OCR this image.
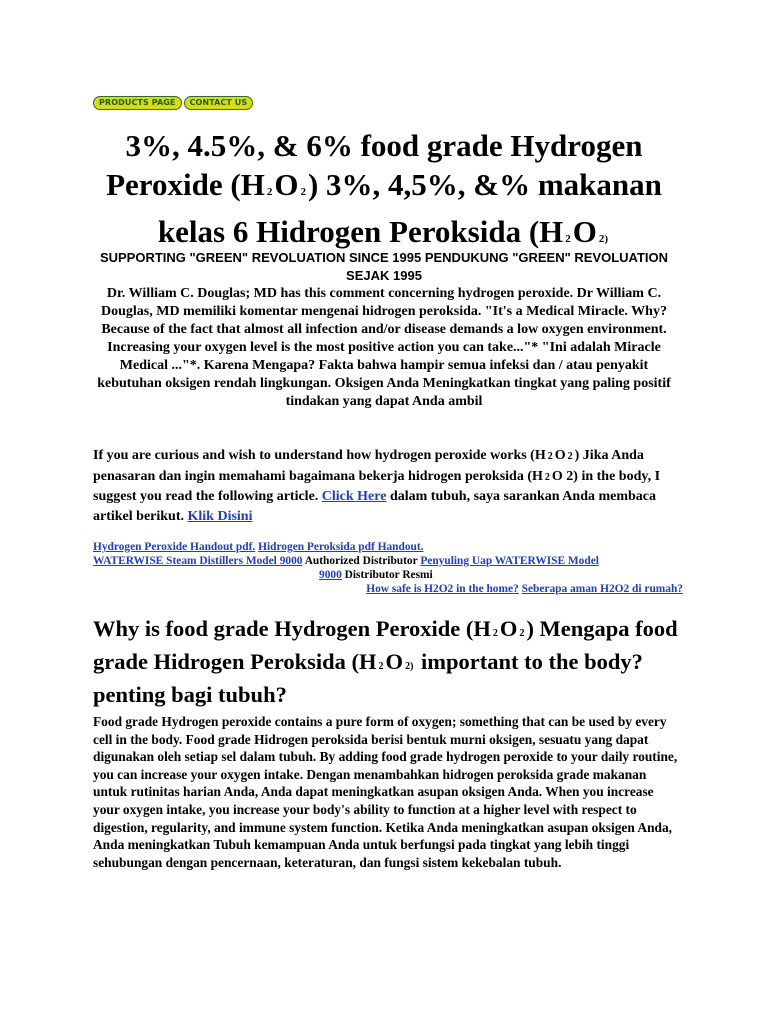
PRODUCTS PAGE	CONTACT US
3%, 4.5%, & 6% food grade Hydrogen
Peroxide (H 2O 2) 3%, 4,5%, &% makanan
kelas 6 Hidrogen Peroksida (H 2O 2)

SUPPORTING "GREEN" REVOLUATION SINCE 1995 PENDUKUNG "GREEN" REVOLUATION SEJAK 1995
Dr. William C. Douglas; MD has this comment concerning hydrogen peroxide. Dr William C. Douglas, MD memiliki komentar mengenai hidrogen peroksida. "It's a Medical Miracle. Why? Because of the fact that almost all infection and/or disease demands a low oxygen environment. Increasing your oxygen level is the most positive action you can take..."* "Ini adalah Miracle Medical ..."*. Karena Mengapa? Fakta bahwa hampir semua infeksi dan / atau penyakit kebutuhan oksigen rendah lingkungan. Oksigen Anda Meningkatkan tingkat yang paling positif tindakan yang dapat Anda ambil

If you are curious and wish to understand how hydrogen peroxide works (H 2 O 2 ) Jika Anda penasaran dan ingin memahami bagaimana bekerja hidrogen peroksida (H 2 O 2) in the body, I suggest you read the following article. Click Here dalam tubuh, saya sarankan Anda membaca artikel berikut. Klik Disini

Hydrogen Peroxide Handout pdf. Hidrogen Peroksida pdf Handout.
WATERWISE Steam Distillers Model 9000 Authorized Distributor Penyuling Uap WATERWISE Model
9000 Distributor Resmi
How safe is H2O2 in the home? Seberapa aman H2O2 di rumah?
Why is food grade Hydrogen Peroxide (H 2O 2) Mengapa food grade Hidrogen Peroksida (H 2O 2) important to the body? penting bagi tubuh?

Food grade Hydrogen peroxide contains a pure form of oxygen; something that can be used by every cell in the body. Food grade Hidrogen peroksida berisi bentuk murni oksigen, sesuatu yang dapat digunakan oleh setiap sel dalam tubuh. By adding food grade hydrogen peroxide to your daily routine, you can increase your oxygen intake. Dengan menambahkan hidrogen peroksida grade makanan untuk rutinitas harian Anda, Anda dapat meningkatkan asupan oksigen Anda. When you increase your oxygen intake, you increase your body's ability to function at a higher level with respect to digestion, regularity, and immune system function. Ketika Anda meningkatkan asupan oksigen Anda, Anda meningkatkan Tubuh kemampuan Anda untuk berfungsi pada tingkat yang lebih tinggi sehubungan dengan pencernaan, keteraturan, dan fungsi sistem kekebalan tubuh.
